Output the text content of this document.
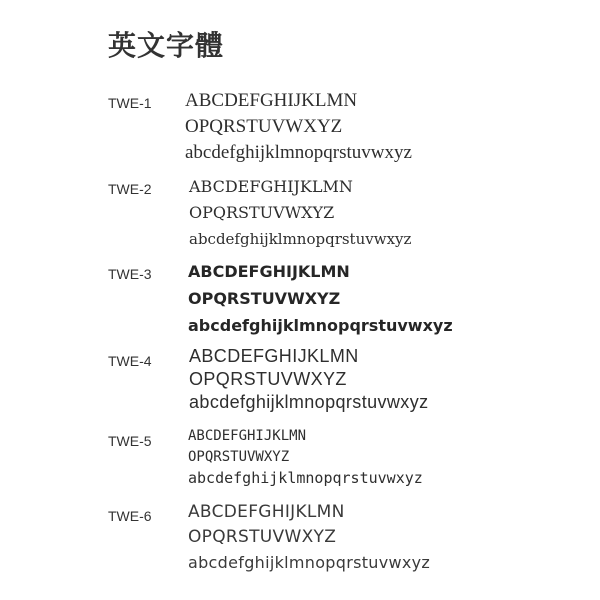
英文字體
TWE-1 ABCDEFGHIJKLMN
OPQRSTUVWXYZ
abcdefghijklmnopqrstuvwxyz
TWE-2 ABCDEFGHIJKLMN
OPQRSTUVWXYZ
abcdefghijklmnopqrstuvwxyz
TWE-3 ABCDEFGHIJKLMN
OPQRSTUVWXYZ
abcdefghijklmnopqrstuvwxyz
TWE-4 ABCDEFGHIJKLMN
OPQRSTUVWXYZ
abcdefghijklmnopqrstuvwxyz
TWE-5	ABCDEFGHIJKLMN
OPQRSTUVWXYZ
abcdefghijklmnopqrstuvwxyz
TWE-6 ABCDEFGHIJKLMN
OPQRSTUVWXYZ
abcdefghijklmnopqrstuvwxyz
